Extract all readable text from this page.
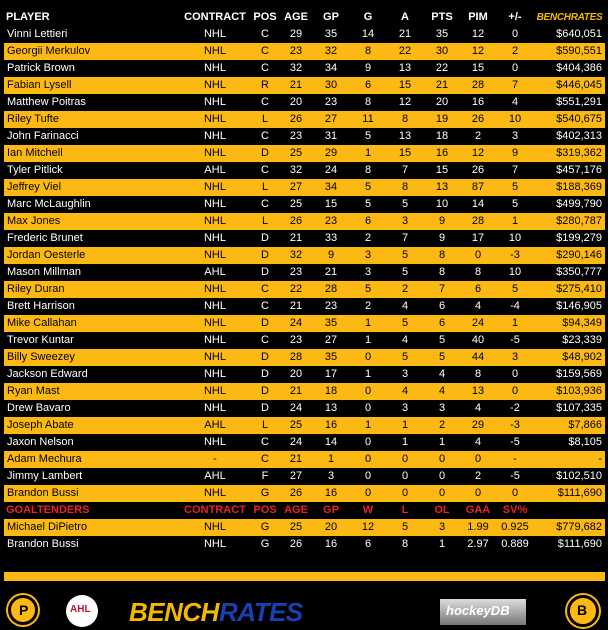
PLAYER	CONTRACT	POS	AGE	GP	G	A	PTS	PIM	+/-	BENCHRATES
Vinni Lettieri	NHL	C	29	35	14	21	35	12	0	$640,051
Georgii Merkulov	NHL	C	23	32	8	22	30	12	2	$590,551
Patrick Brown	NHL	C	32	34	9	13	22	15	0	$404,386
Fabian Lysell	NHL	R	21	30	6	15	21	28	7	$446,045
Matthew Poitras	NHL	C	20	23	8	12	20	16	4	$551,291
Riley Tufte	NHL	L	26	27	11	8	19	26	10	$540,675
John Farinacci	NHL	C	23	31	5	13	18	2	3	$402,313
Ian Mitchell	NHL	D	25	29	1	15	16	12	9	$319,362
Tyler Pitlick	AHL	C	32	24	8	7	15	26	7	$457,176
Jeffrey Viel	NHL	L	27	34	5	8	13	87	5	$188,369
Marc McLaughlin	NHL	C	25	15	5	5	10	14	5	$499,790
Max Jones	NHL	L	26	23	6	3	9	28	1	$280,787
Frederic Brunet	NHL	D	21	33	2	7	9	17	10	$199,279
Jordan Oesterle	NHL	D	32	9	3	5	8	0	-3	$290,146
Mason Millman	AHL	D	23	21	3	5	8	8	10	$350,777
Riley Duran	NHL	C	22	28	5	2	7	6	5	$275,410
Brett Harrison	NHL	C	21	23	2	4	6	4	-4	$146,905
Mike Callahan	NHL	D	24	35	1	5	6	24	1	$94,349
Trevor Kuntar	NHL	C	23	27	1	4	5	40	-5	$23,339
Billy Sweezey	NHL	D	28	35	0	5	5	44	3	$48,902
Jackson Edward	NHL	D	20	17	1	3	4	8	0	$159,569
Ryan Mast	NHL	D	21	18	0	4	4	13	0	$103,936
Drew Bavaro	NHL	D	24	13	0	3	3	4	-2	$107,335
Joseph Abate	AHL	L	25	16	1	1	2	29	-3	$7,866
Jaxon Nelson	NHL	C	24	14	0	1	1	4	-5	$8,105
Adam Mechura	-	C	21	1	0	0	0	0	-	-
Jimmy Lambert	AHL	F	27	3	0	0	0	2	-5	$102,510
Brandon Bussi	NHL	G	26	16	0	0	0	0	0	$111,690
GOALTENDERS	CONTRACT	POS	AGE	GP	W	L	OL	GAA	SV%	
Michael DiPietro	NHL	G	25	20	12	5	3	1.99	0.925	$779,682
Brandon Bussi	NHL	G	26	16	6	8	1	2.97	0.889	$111,690
P	AHL BENCHRATES	hockeyDB	B
